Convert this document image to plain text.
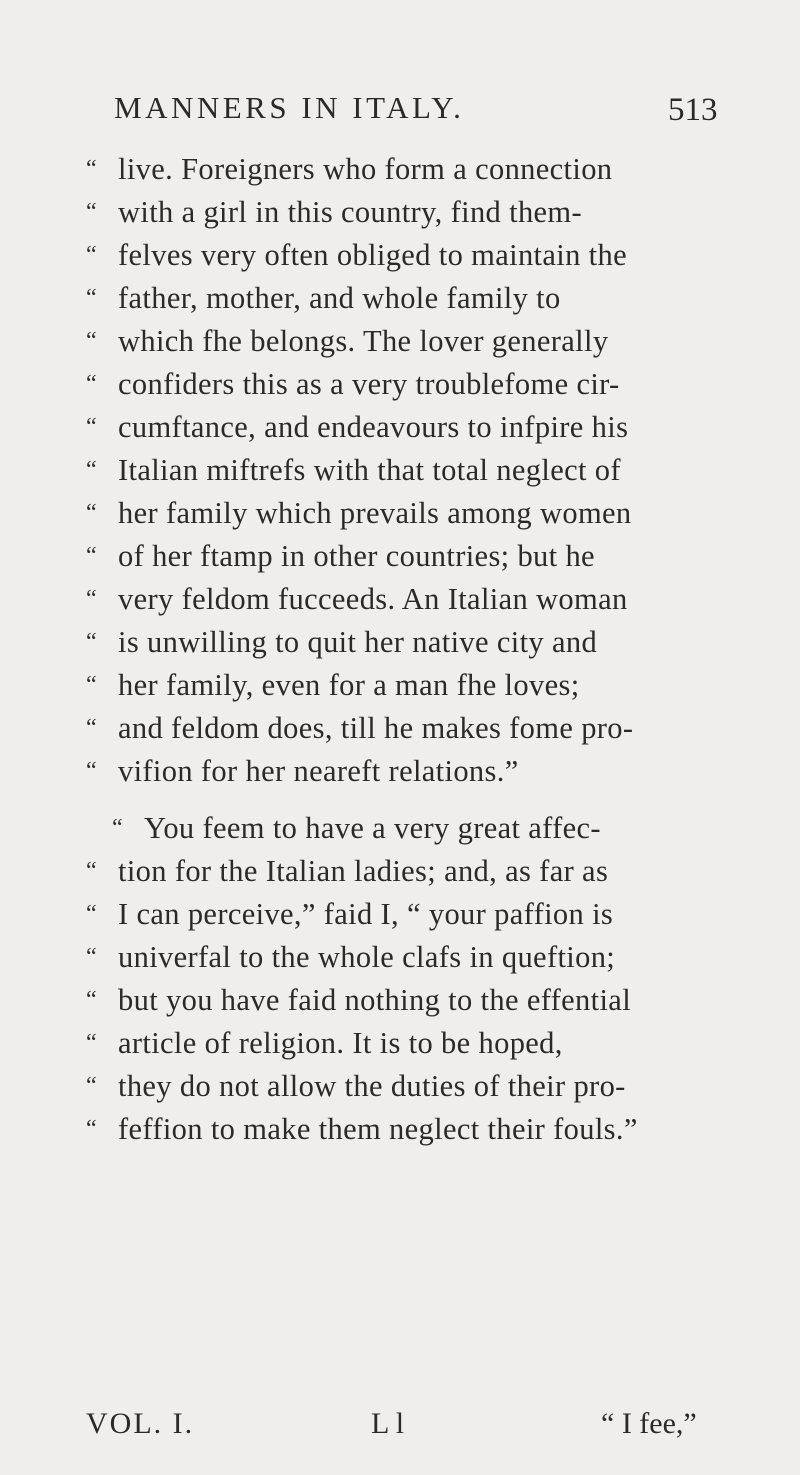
MANNERS IN ITALY.	513
“ live. Foreigners who form a connection
“ with a girl in this country, find them-
“ felves very often obliged to maintain the
“ father, mother, and whole family to
“ which fhe belongs. The lover generally
“ confiders this as a very troublefome cir-
“ cumftance, and endeavours to infpire his
“ Italian miftrefs with that total neglect of
“ her family which prevails among women
“ of her ftamp in other countries; but he
“ very feldom fucceeds. An Italian woman
“ is unwilling to quit her native city and
“ her family, even for a man fhe loves;
“ and feldom does, till he makes fome pro-
“ vifion for her neareft relations.”
“ You feem to have a very great affec-
“ tion for the Italian ladies; and, as far as
“ I can perceive,” faid I, “ your paffion is
“ univerfal to the whole clafs in queftion;
“ but you have faid nothing to the effential
“ article of religion. It is to be hoped,
“ they do not allow the duties of their pro-
“ feffion to make them neglect their fouls.”
VOL. I.	L l	“ I fee,”
